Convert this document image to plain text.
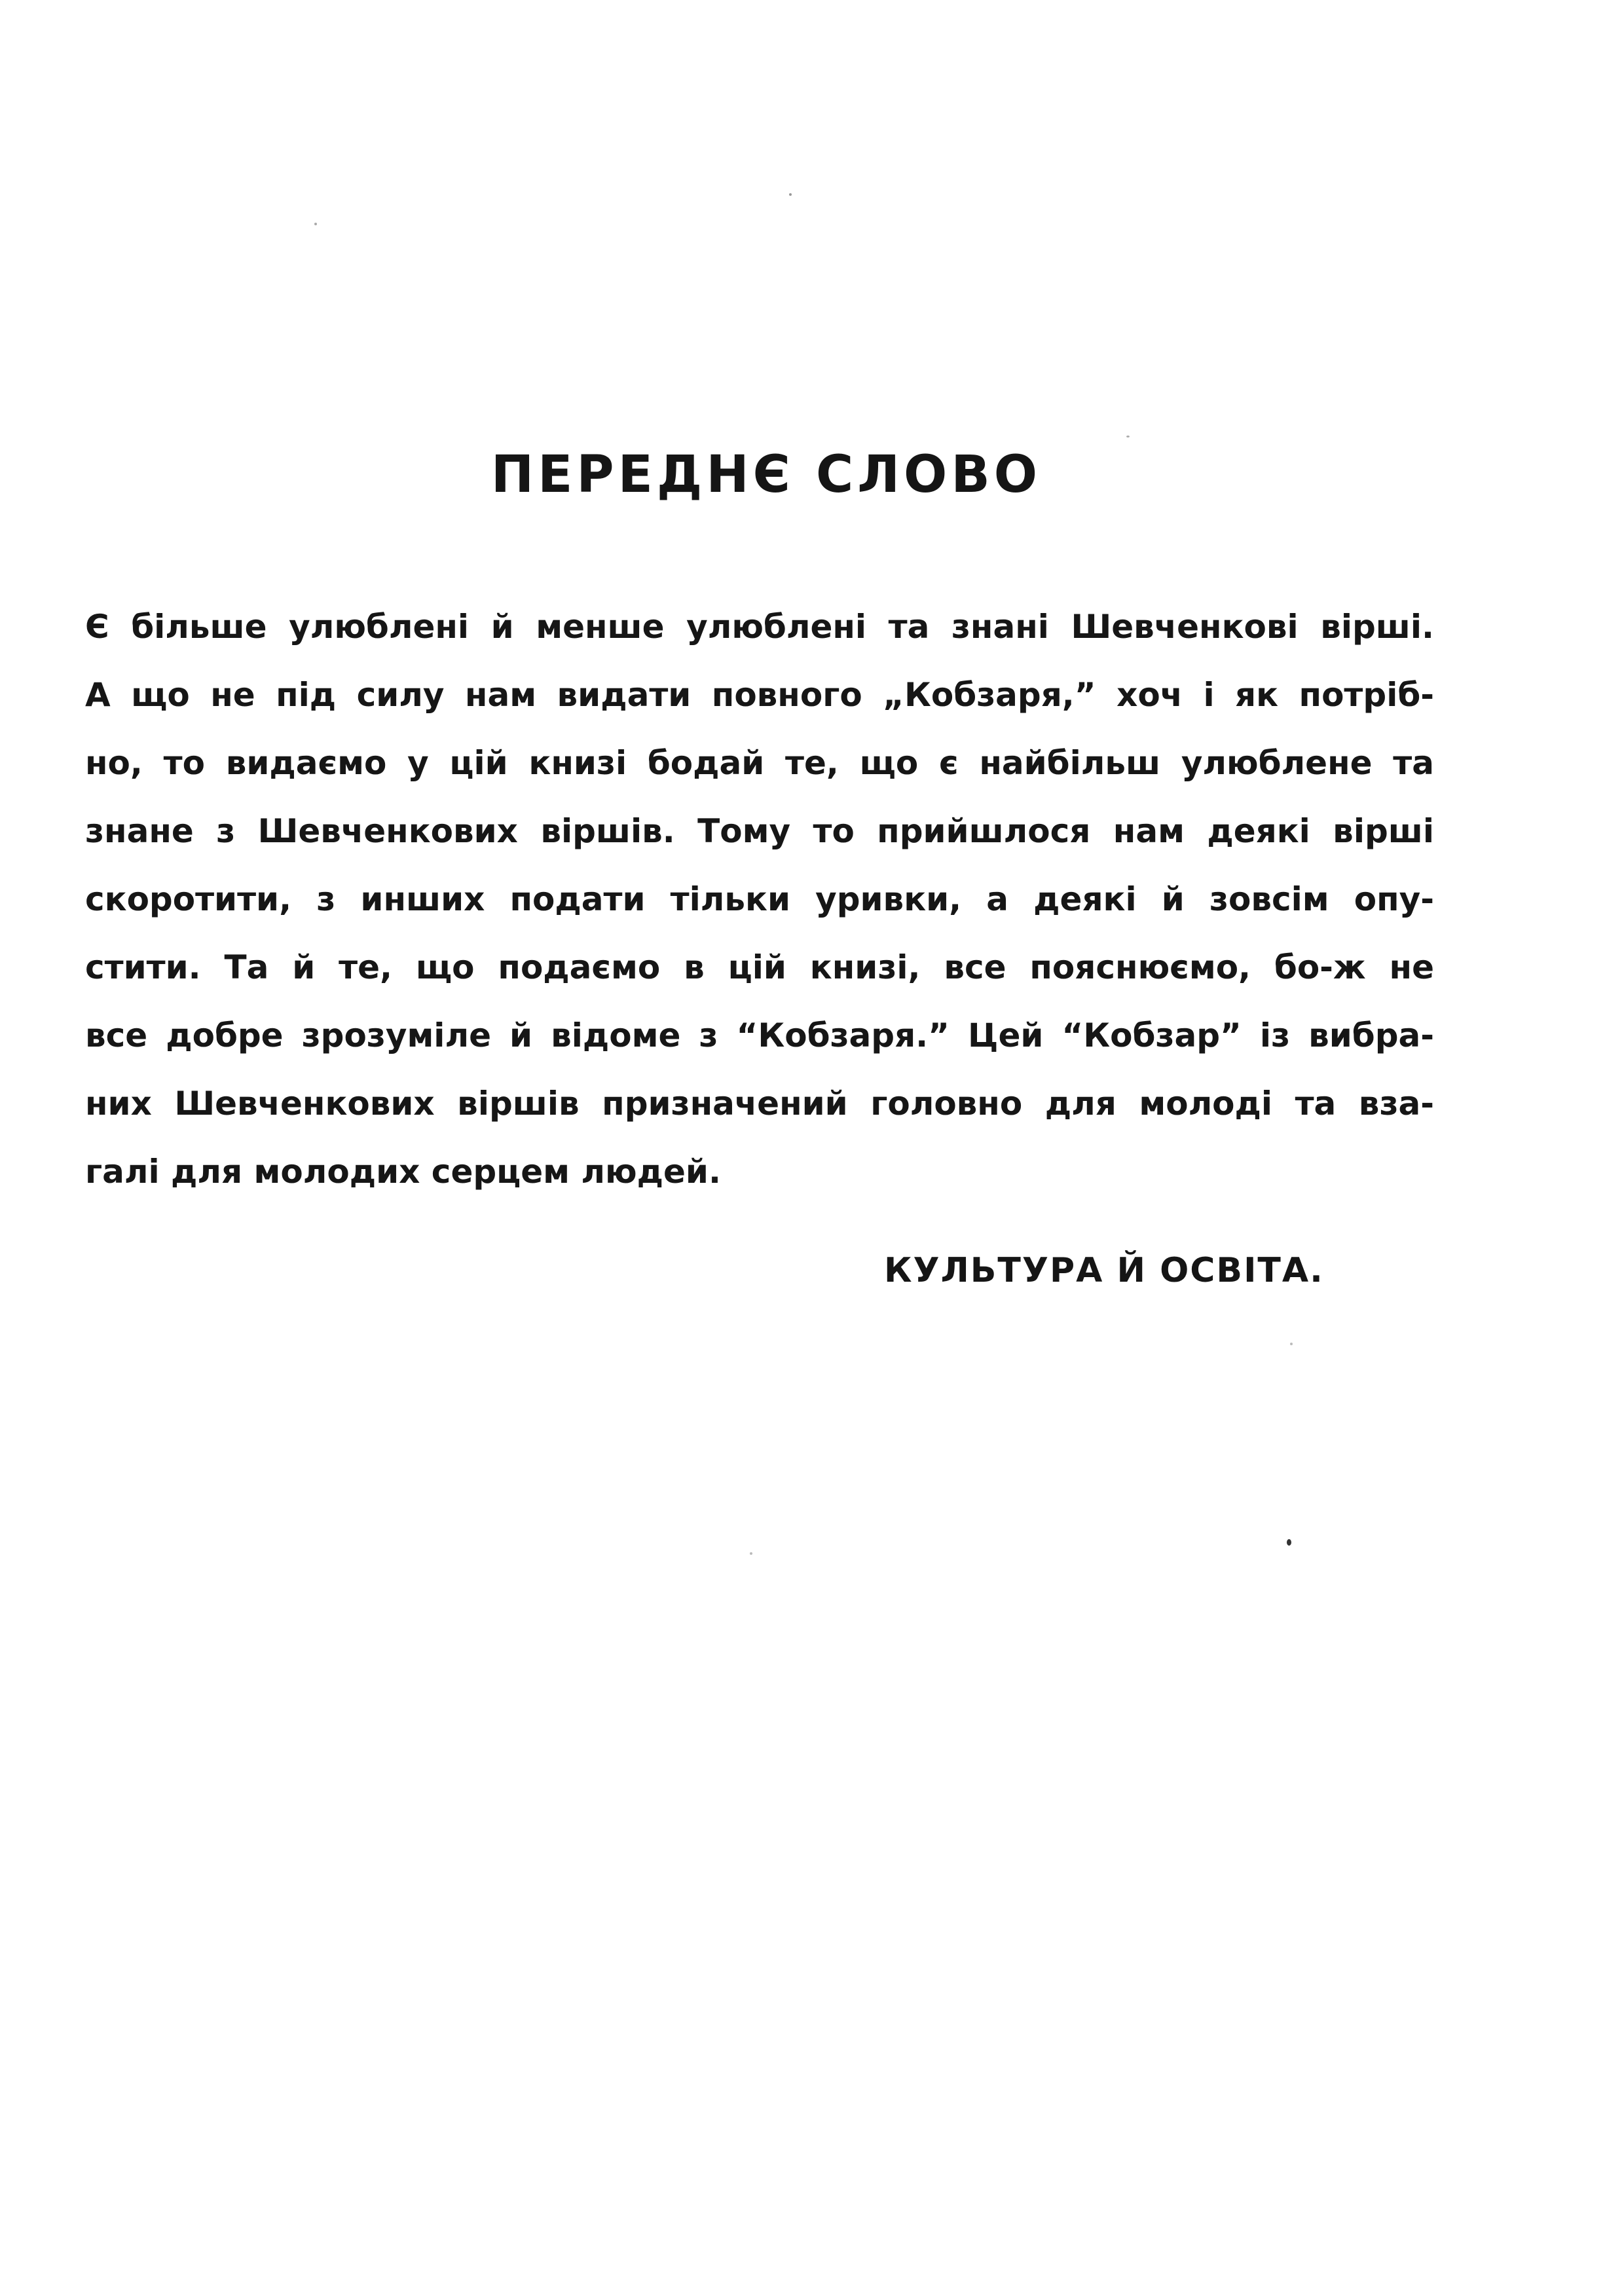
ПЕРЕДНЄ СЛОВО
Є більше улюблені й менше улюблені та знані Шевченкові вірші.
А що не під силу нам видати повного „Кобзаря,” хоч і як потріб-
но, то видаємо у цій книзі бодай те, що є найбільш улюблене та
знане з Шевченкових віршів. Тому то прийшлося нам деякі вірші
скоротити, з инших подати тільки уривки, а деякі й зовсім опу-
стити. Та й те, що подаємо в цій книзі, все пояснюємо, бо-ж не
все добре зрозуміле й відоме з “Кобзаря.” Цей “Кобзар” із вибра-
них Шевченкових віршів призначений головно для молоді та вза-
галі для молодих серцем людей.
КУЛЬТУРА Й ОСВІТА.
